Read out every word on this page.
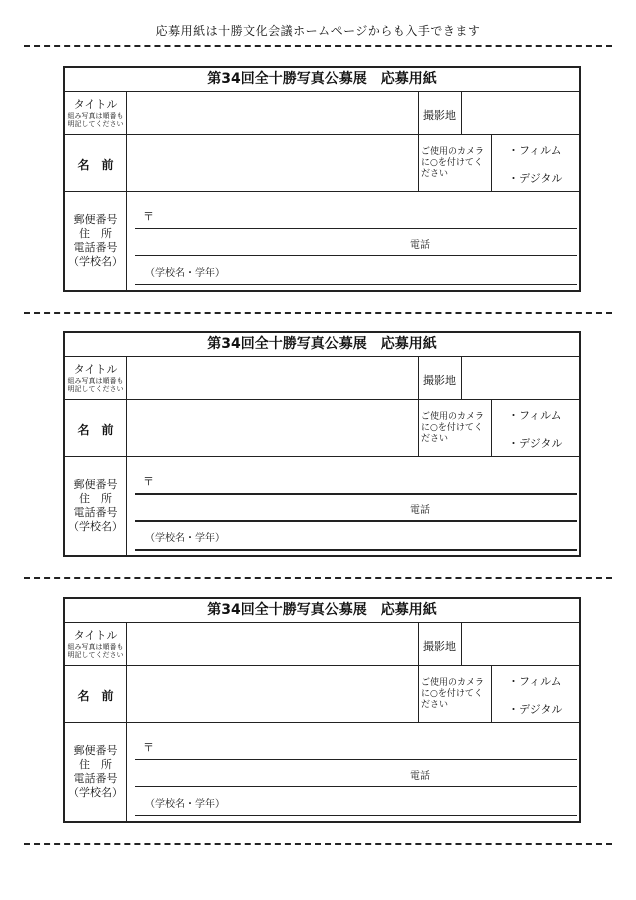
応募用紙は十勝文化会議ホームページからも入手できます
第34回全十勝写真公募展　応募用紙
タイトル
組み写真は順番も
明記してください
撮影地
名　前
ご使用のカメラ
に○を付けてく
ださい
・フィルム
・デジタル
郵便番号
住　所
電話番号
（学校名）
〒
電話
（学校名・学年）
第34回全十勝写真公募展　応募用紙
タイトル
組み写真は順番も
明記してください
撮影地
名　前
ご使用のカメラ
に○を付けてく
ださい
・フィルム
・デジタル
郵便番号
住　所
電話番号
（学校名）
〒
電話
（学校名・学年）
第34回全十勝写真公募展　応募用紙
タイトル
組み写真は順番も
明記してください
撮影地
名　前
ご使用のカメラ
に○を付けてく
ださい
・フィルム
・デジタル
郵便番号
住　所
電話番号
（学校名）
〒
電話
（学校名・学年）
